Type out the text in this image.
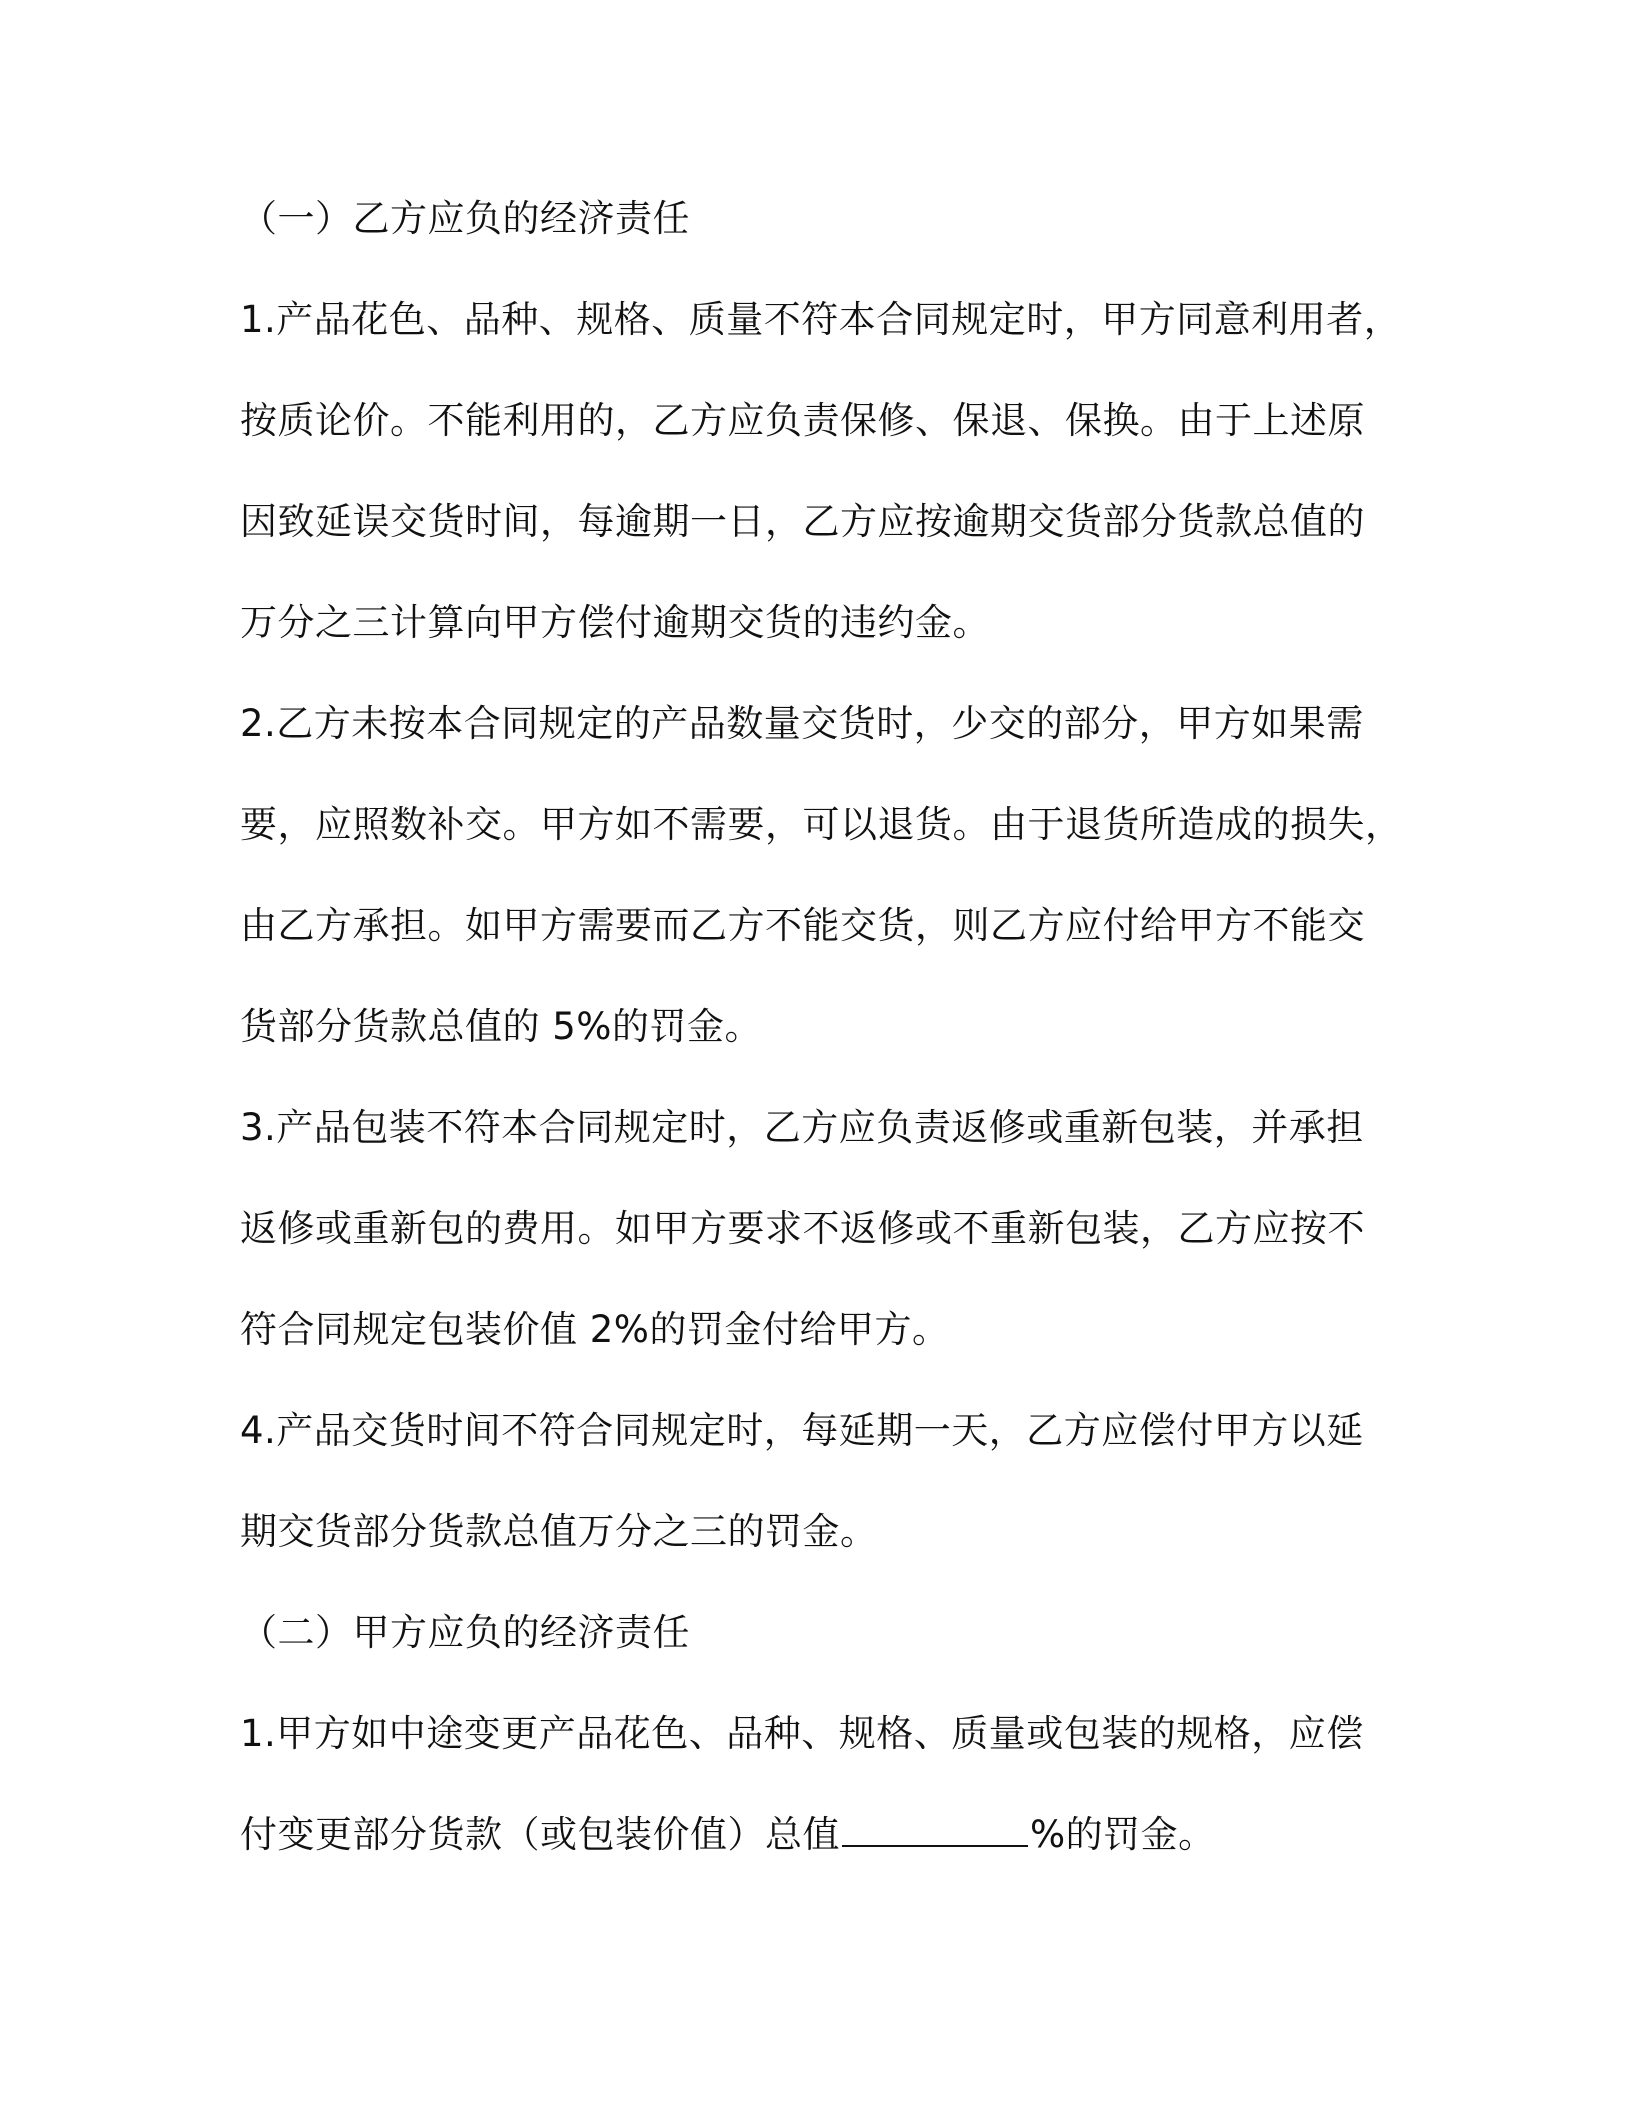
（一）乙方应负的经济责任
1.产品花色、品种、规格、质量不符本合同规定时，甲方同意利用者，
按质论价。不能利用的，乙方应负责保修、保退、保换。由于上述原
因致延误交货时间，每逾期一日，乙方应按逾期交货部分货款总值的
万分之三计算向甲方偿付逾期交货的违约金。
2.乙方未按本合同规定的产品数量交货时，少交的部分，甲方如果需
要，应照数补交。甲方如不需要，可以退货。由于退货所造成的损失，
由乙方承担。如甲方需要而乙方不能交货，则乙方应付给甲方不能交
货部分货款总值的 5%的罚金。
3.产品包装不符本合同规定时，乙方应负责返修或重新包装，并承担
返修或重新包的费用。如甲方要求不返修或不重新包装，乙方应按不
符合同规定包装价值 2%的罚金付给甲方。
4.产品交货时间不符合同规定时，每延期一天，乙方应偿付甲方以延
期交货部分货款总值万分之三的罚金。
（二）甲方应负的经济责任
1.甲方如中途变更产品花色、品种、规格、质量或包装的规格，应偿
付变更部分货款（或包装价值）总值	%的罚金。
